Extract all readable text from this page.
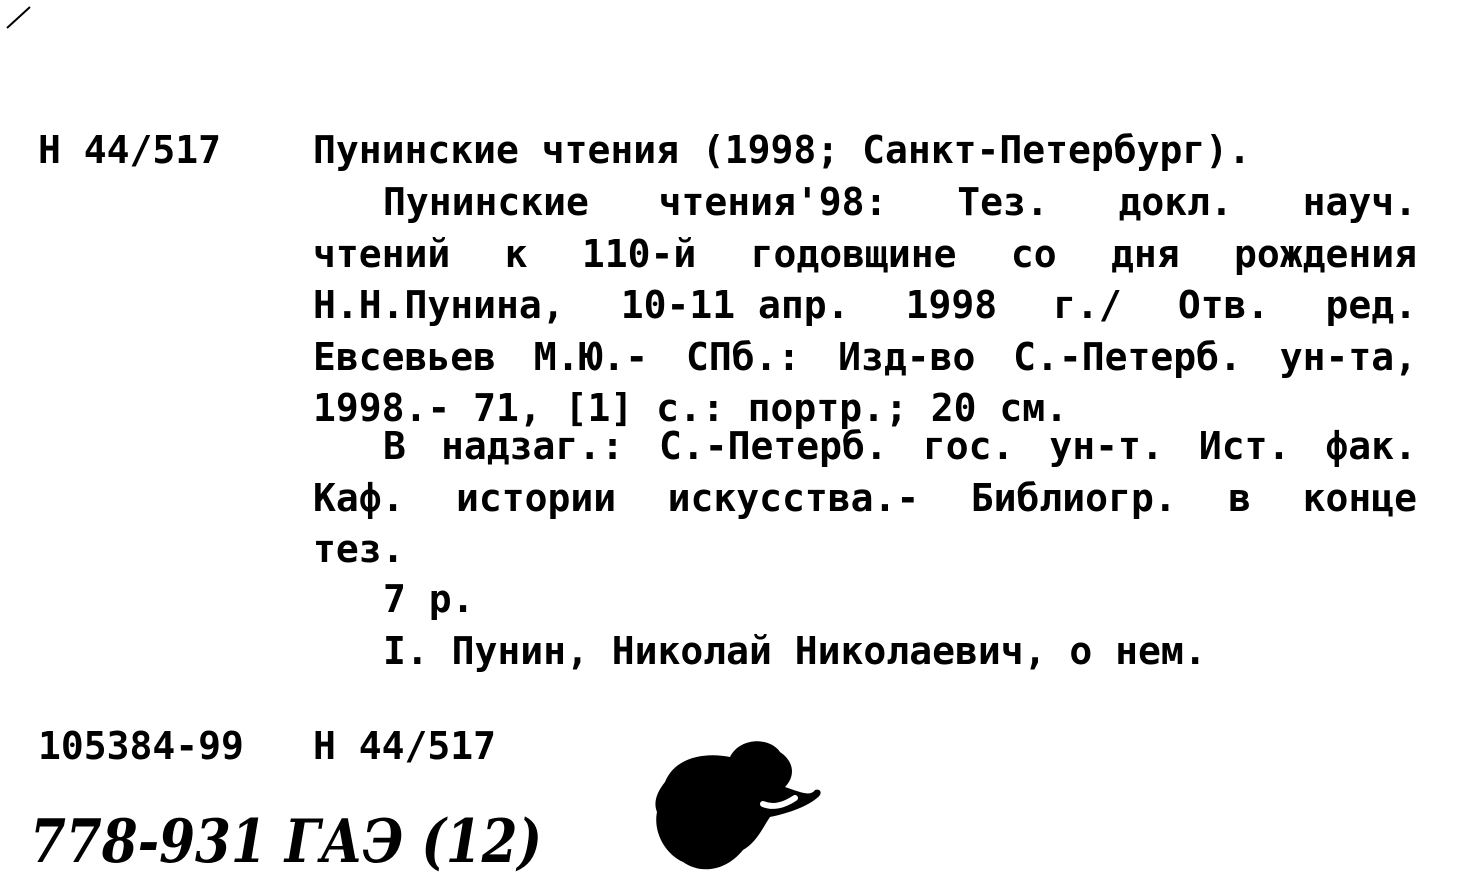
Н 44/517 Пунинские чтения (1998; Санкт-Петербург).
Пунинские чтения'98: Тез. докл. науч.
чтений к 110-й годовщине со дня рождения
Н.Н.Пунина, 10-11 апр. 1998 г./ Отв. ред.
Евсевьев М.Ю.- СПб.: Изд-во С.-Петерб. ун-та,
1998.- 71, [1] с.: портр.; 20 см.
В надзаг.: С.-Петерб. гос. ун-т. Ист. фак.
Каф. истории искусства.- Библиогр. в конце
тез.
7 р.
I. Пунин, Николай Николаевич, о нем.
105384-99 Н 44/517
778-931 ГАЭ (12)
